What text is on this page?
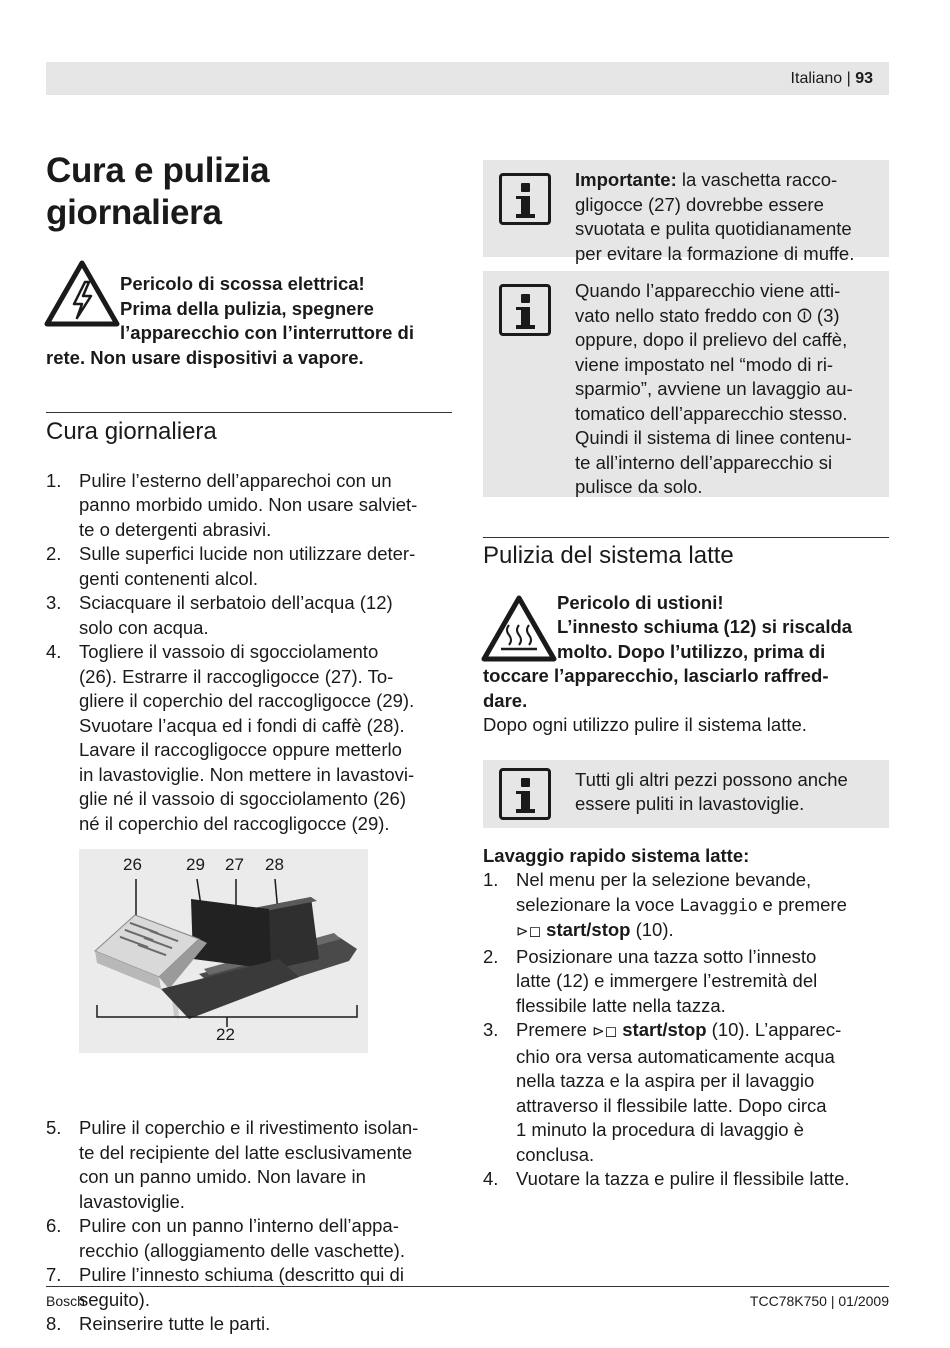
Italiano | 93
Cura e pulizia giornaliera
Pericolo di scossa elettrica!
Prima della pulizia, spegnere
l’apparecchio con l’interruttore di
rete. Non usare dispositivi a vapore.
Cura giornaliera
1. Pulire l’esterno dell’apparechoi con un
panno morbido umido. Non usare salviet-
te o detergenti abrasivi.
2. Sulle superfici lucide non utilizzare deter-
genti contenenti alcol.
3. Sciacquare il serbatoio dell’acqua (12)
solo con acqua.
4. Togliere il vassoio di sgocciolamento
(26). Estrarre il raccogligocce (27). To-
gliere il coperchio del raccogligocce (29).
Svuotare l’acqua ed i fondi di caffè (28).
Lavare il raccogligocce oppure metterlo
in lavastoviglie. Non mettere in lavastovi-
glie né il vassoio di sgocciolamento (26)
né il coperchio del raccogligocce (29).
5. Pulire il coperchio e il rivestimento isolan-
te del recipiente del latte esclusivamente
con un panno umido. Non lavare in
lavastoviglie.
6. Pulire con un panno l’interno dell’appa-
recchio (alloggiamento delle vaschette).
7. Pulire l’innesto schiuma (descritto qui di
seguito).
8. Reinserire tutte le parti.
26	29 27 28
22
Importante: la vaschetta racco-
gligocce (27) dovrebbe essere
svuotata e pulita quotidianamente
per evitare la formazione di muffe.
Quando l’apparecchio viene atti-
vato nello stato freddo con ⏼ (3)
oppure, dopo il prelievo del caffè,
viene impostato nel “modo di ri-
sparmio”, avviene un lavaggio au-
tomatico dell’apparecchio stesso.
Quindi il sistema di linee contenu-
te all’interno dell’apparecchio si
pulisce da solo.
Pulizia del sistema latte
Pericolo di ustioni!
L’innesto schiuma (12) si riscalda
molto. Dopo l’utilizzo, prima di
toccare l’apparecchio, lasciarlo raffred-
dare.
Dopo ogni utilizzo pulire il sistema latte.
Tutti gli altri pezzi possono anche
essere puliti in lavastoviglie.
Lavaggio rapido sistema latte:
1. Nel menu per la selezione bevande,
selezionare la voce Lavaggio e premere
⊳◻ start/stop (10).
2. Posizionare una tazza sotto l’innesto
latte (12) e immergere l’estremità del
flessibile latte nella tazza.
3. Premere ⊳◻ start/stop (10). L’apparec-
chio ora versa automaticamente acqua
nella tazza e la aspira per il lavaggio
attraverso il flessibile latte. Dopo circa
1 minuto la procedura di lavaggio è
conclusa.
4. Vuotare la tazza e pulire il flessibile latte.
Bosch	TCC78K750 | 01/2009
